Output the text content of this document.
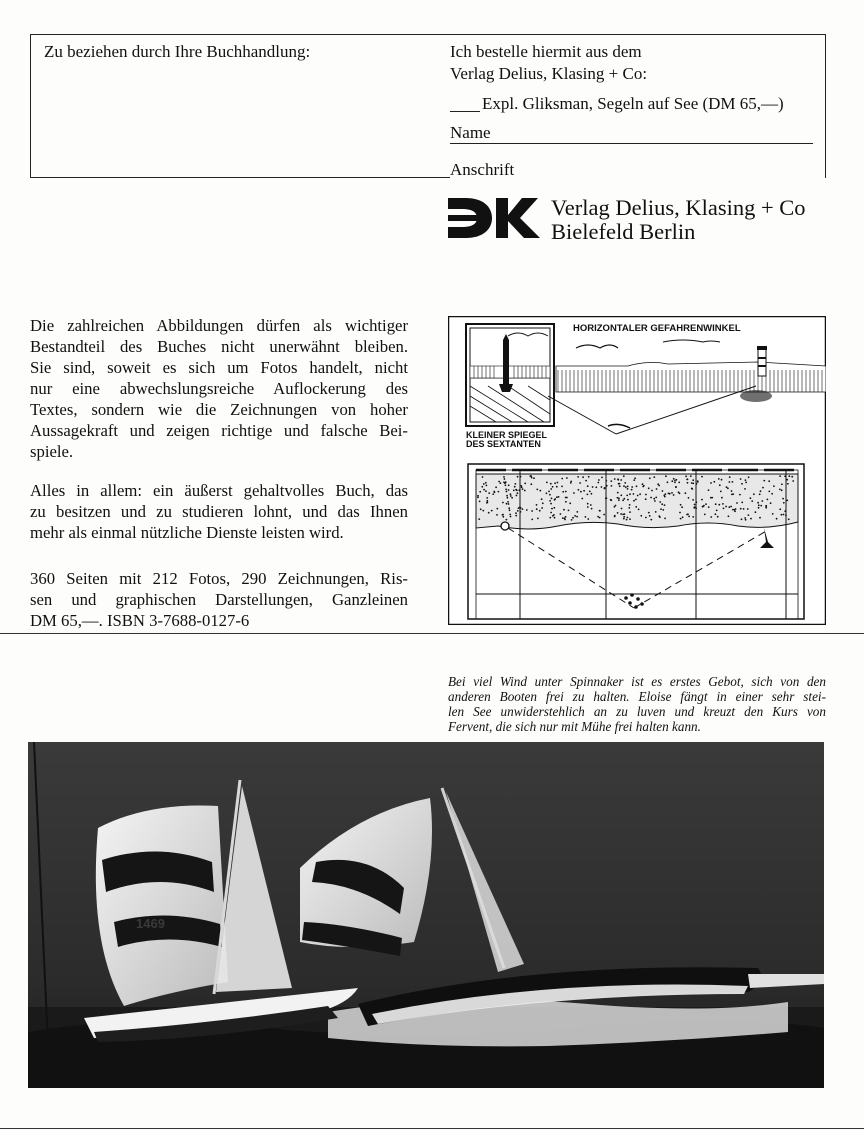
Zu beziehen durch Ihre Buchhandlung:	Ich bestelle hiermit aus dem
Verlag Delius, Klasing + Co:
Expl. Gliksman, Segeln auf See (DM 65,—)
Name
Anschrift
Verlag Delius, Klasing + Co
Bielefeld Berlin
Die zahlreichen Abbildungen dürfen als wichtiger
Bestandteil des Buches nicht unerwähnt bleiben.
Sie sind, soweit es sich um Fotos handelt, nicht
nur eine abwechslungsreiche Auflockerung des
Textes, sondern wie die Zeichnungen von hoher
Aussagekraft und zeigen richtige und falsche Bei-
spiele.
Alles in allem: ein äußerst gehaltvolles Buch, das
zu besitzen und zu studieren lohnt, und das Ihnen
mehr als einmal nützliche Dienste leisten wird.
360 Seiten mit 212 Fotos, 290 Zeichnungen, Ris-
sen und graphischen Darstellungen, Ganzleinen
DM 65,—. ISBN 3-7688-0127-6
HORIZONTALER GEFAHRENWINKEL
KLEINER SPIEGEL
DES SEXTANTEN
Bei viel Wind unter Spinnaker ist es erstes Gebot, sich von den
anderen Booten frei zu halten. Eloise fängt in einer sehr stei-
len See unwiderstehlich an zu luven und kreuzt den Kurs von
Fervent, die sich nur mit Mühe frei halten kann.
1469
